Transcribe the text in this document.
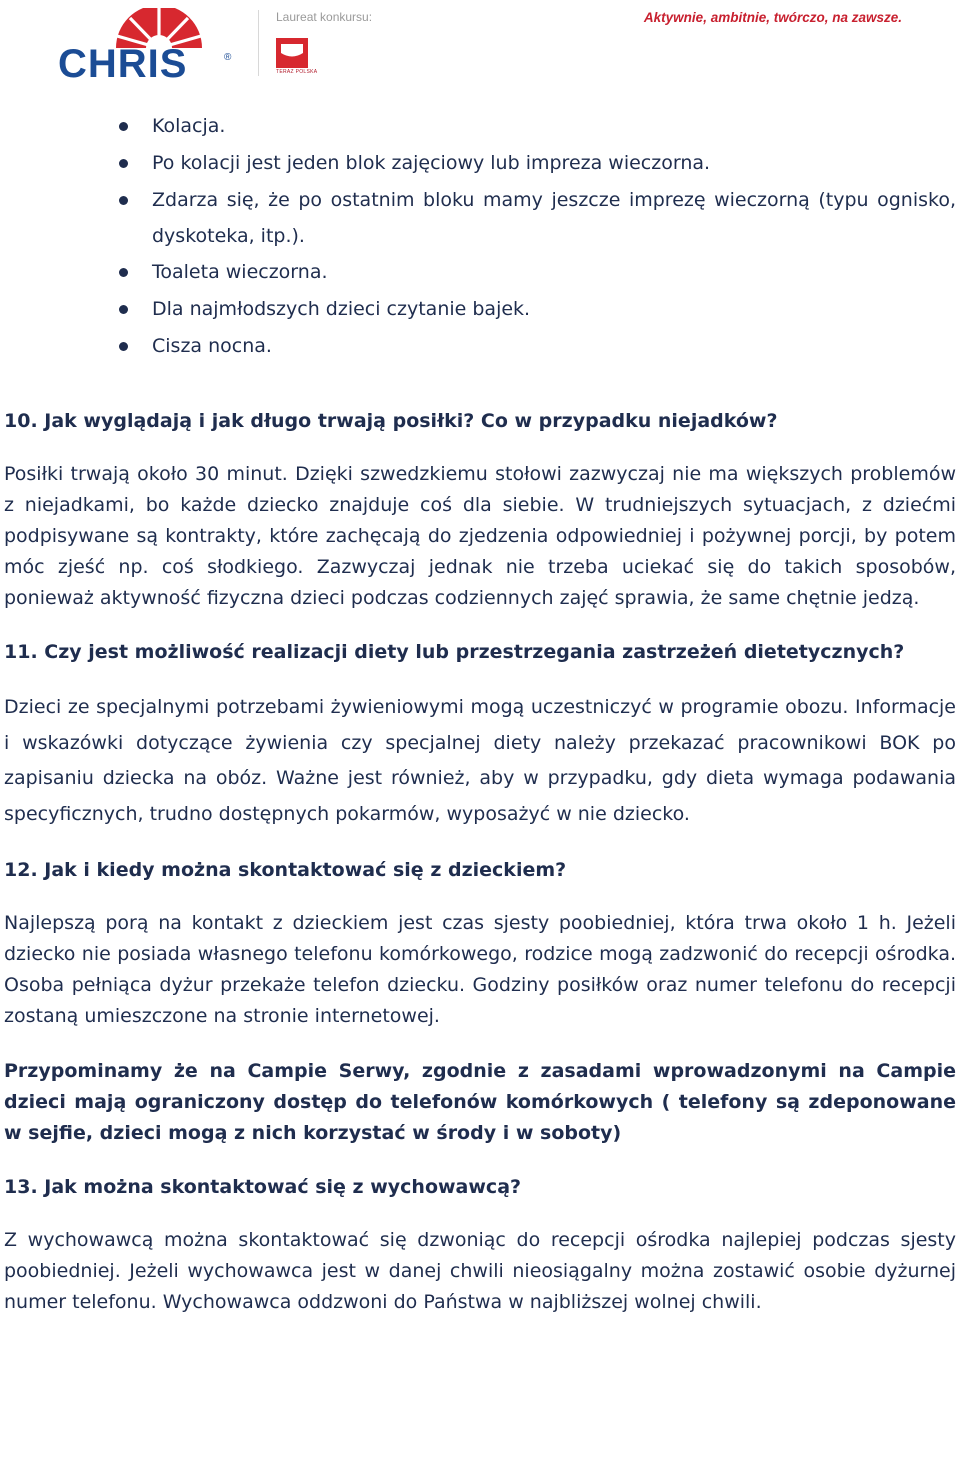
CHRIS	®
Laureat konkursu:
TERAZ POLSKA
Aktywnie, ambitnie, twórczo, na zawsze.
Kolacja.
Po kolacji jest jeden blok zajęciowy lub impreza wieczorna.
Zdarza się, że po ostatnim bloku mamy jeszcze imprezę wieczorną (typu ognisko, dyskoteka, itp.).
Toaleta wieczorna.
Dla najmłodszych dzieci czytanie bajek.
Cisza nocna.
10. Jak wyglądają i jak długo trwają posiłki? Co w przypadku niejadków?

Posiłki trwają około 30 minut. Dzięki szwedzkiemu stołowi zazwyczaj nie ma większych problemów z niejadkami, bo każde dziecko znajduje coś dla siebie. W trudniejszych sytuacjach, z dziećmi podpisywane są kontrakty, które zachęcają do zjedzenia odpowiedniej i pożywnej porcji, by potem móc zjeść np. coś słodkiego. Zazwyczaj jednak nie trzeba uciekać się do takich sposobów, ponieważ aktywność fizyczna dzieci podczas codziennych zajęć sprawia, że same chętnie jedzą.

11. Czy jest możliwość realizacji diety lub przestrzegania zastrzeżeń dietetycznych?

Dzieci ze specjalnymi potrzebami żywieniowymi mogą uczestniczyć w programie obozu. Informacje i wskazówki dotyczące żywienia czy specjalnej diety należy przekazać pracownikowi BOK po zapisaniu dziecka na obóz. Ważne jest również, aby w przypadku, gdy dieta wymaga podawania specyficznych, trudno dostępnych pokarmów, wyposażyć w nie dziecko.

12. Jak i kiedy można skontaktować się z dzieckiem?

Najlepszą porą na kontakt z dzieckiem jest czas sjesty poobiedniej, która trwa około 1 h. Jeżeli dziecko nie posiada własnego telefonu komórkowego, rodzice mogą zadzwonić do recepcji ośrodka. Osoba pełniąca dyżur przekaże telefon dziecku. Godziny posiłków oraz numer telefonu do recepcji zostaną umieszczone na stronie internetowej.

Przypominamy że na Campie Serwy, zgodnie z zasadami wprowadzonymi na Campie dzieci mają ograniczony dostęp do telefonów komórkowych ( telefony są zdeponowane w sejfie, dzieci mogą z nich korzystać w środy i w soboty)

13. Jak można skontaktować się z wychowawcą?

Z wychowawcą można skontaktować się dzwoniąc do recepcji ośrodka najlepiej podczas sjesty poobiedniej. Jeżeli wychowawca jest w danej chwili nieosiągalny można zostawić osobie dyżurnej numer telefonu. Wychowawca oddzwoni do Państwa w najbliższej wolnej chwili.
